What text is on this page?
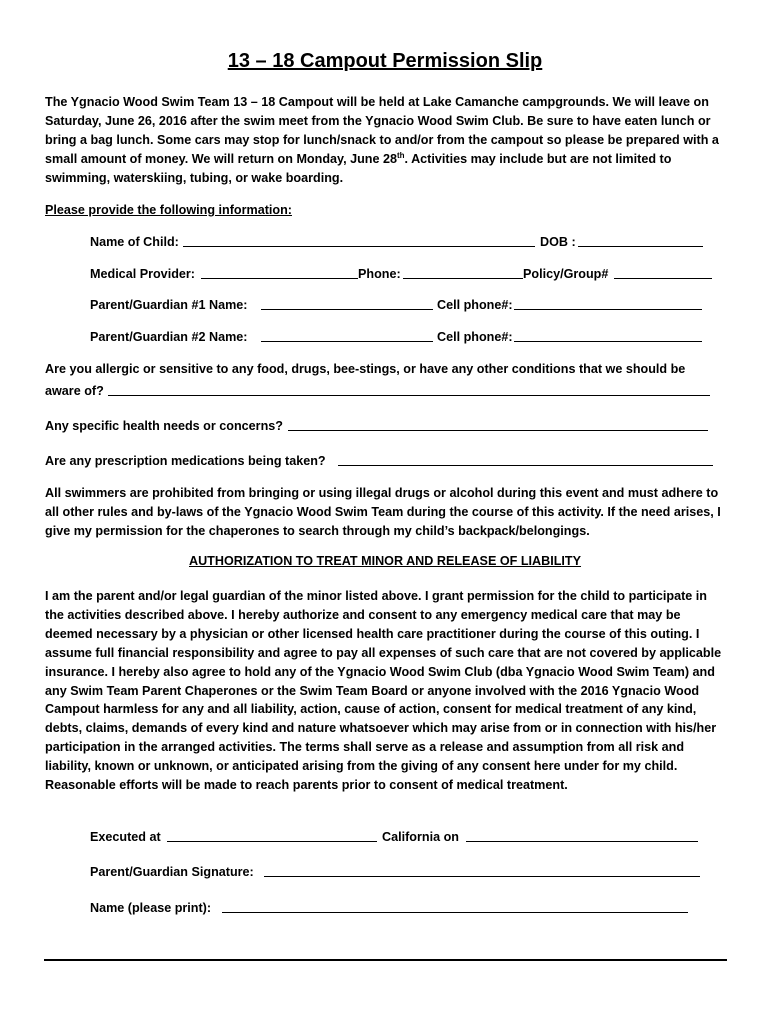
13 – 18 Campout Permission Slip

The Ygnacio Wood Swim Team 13 – 18 Campout will be held at Lake Camanche campgrounds. We will leave on Saturday, June 26, 2016 after the swim meet from the Ygnacio Wood Swim Club. Be sure to have eaten lunch or bring a bag lunch. Some cars may stop for lunch/snack to and/or from the campout so please be prepared with a small amount of money. We will return on Monday, June 28th. Activities may include but are not limited to swimming, waterskiing, tubing, or wake boarding.

Please provide the following information:
Name of Child:	DOB :
Medical Provider:	Phone:	Policy/Group#
Parent/Guardian #1 Name:	Cell phone#:
Parent/Guardian #2 Name:	Cell phone#:
Are you allergic or sensitive to any food, drugs, bee-stings, or have any other conditions that we should be
aware of?
Any specific health needs or concerns?
Are any prescription medications being taken?

All swimmers are prohibited from bringing or using illegal drugs or alcohol during this event and must adhere to all other rules and by-laws of the Ygnacio Wood Swim Team during the course of this activity. If the need arises, I give my permission for the chaperones to search through my child’s backpack/belongings.

AUTHORIZATION TO TREAT MINOR AND RELEASE OF LIABILITY

I am the parent and/or legal guardian of the minor listed above. I grant permission for the child to participate in the activities described above. I hereby authorize and consent to any emergency medical care that may be deemed necessary by a physician or other licensed health care practitioner during the course of this outing. I assume full financial responsibility and agree to pay all expenses of such care that are not covered by applicable insurance. I hereby also agree to hold any of the Ygnacio Wood Swim Club (dba Ygnacio Wood Swim Team) and any Swim Team Parent Chaperones or the Swim Team Board or anyone involved with the 2016 Ygnacio Wood Campout harmless for any and all liability, action, cause of action, consent for medical treatment of any kind, debts, claims, demands of every kind and nature whatsoever which may arise from or in connection with his/her participation in the arranged activities. The terms shall serve as a release and assumption from all risk and liability, known or unknown, or anticipated arising from the giving of any consent here under for my child. Reasonable efforts will be made to reach parents prior to consent of medical treatment.

Executed at	California on
Parent/Guardian Signature:
Name (please print):
